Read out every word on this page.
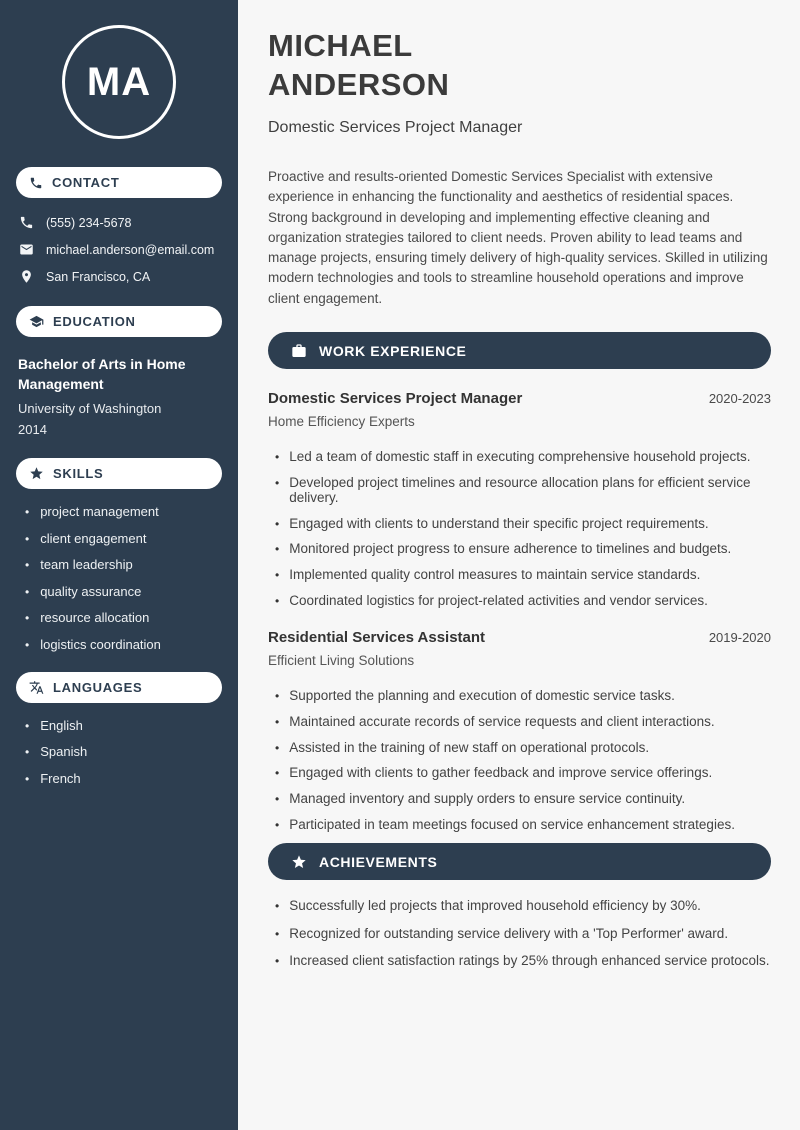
MA
CONTACT
(555) 234-5678
michael.anderson@email.com
San Francisco, CA
EDUCATION
Bachelor of Arts in Home Management
University of Washington
2014
SKILLS
• project management
• client engagement
• team leadership
• quality assurance
• resource allocation
• logistics coordination
LANGUAGES
• English
• Spanish
• French
MICHAEL
ANDERSON
Domestic Services Project Manager

Proactive and results-oriented Domestic Services Specialist with extensive experience in enhancing the functionality and aesthetics of residential spaces. Strong background in developing and implementing effective cleaning and organization strategies tailored to client needs. Proven ability to lead teams and manage projects, ensuring timely delivery of high-quality services. Skilled in utilizing modern technologies and tools to streamline household operations and improve client engagement.

WORK EXPERIENCE
Domestic Services Project Manager	2020-2023
Home Efficiency Experts
• Led a team of domestic staff in executing comprehensive household projects.
• Developed project timelines and resource allocation plans for efficient service delivery.
• Engaged with clients to understand their specific project requirements.
• Monitored project progress to ensure adherence to timelines and budgets.
• Implemented quality control measures to maintain service standards.
• Coordinated logistics for project-related activities and vendor services.
Residential Services Assistant	2019-2020
Efficient Living Solutions
• Supported the planning and execution of domestic service tasks.
• Maintained accurate records of service requests and client interactions.
• Assisted in the training of new staff on operational protocols.
• Engaged with clients to gather feedback and improve service offerings.
• Managed inventory and supply orders to ensure service continuity.
• Participated in team meetings focused on service enhancement strategies.
ACHIEVEMENTS
• Successfully led projects that improved household efficiency by 30%.
• Recognized for outstanding service delivery with a 'Top Performer' award.
• Increased client satisfaction ratings by 25% through enhanced service protocols.
